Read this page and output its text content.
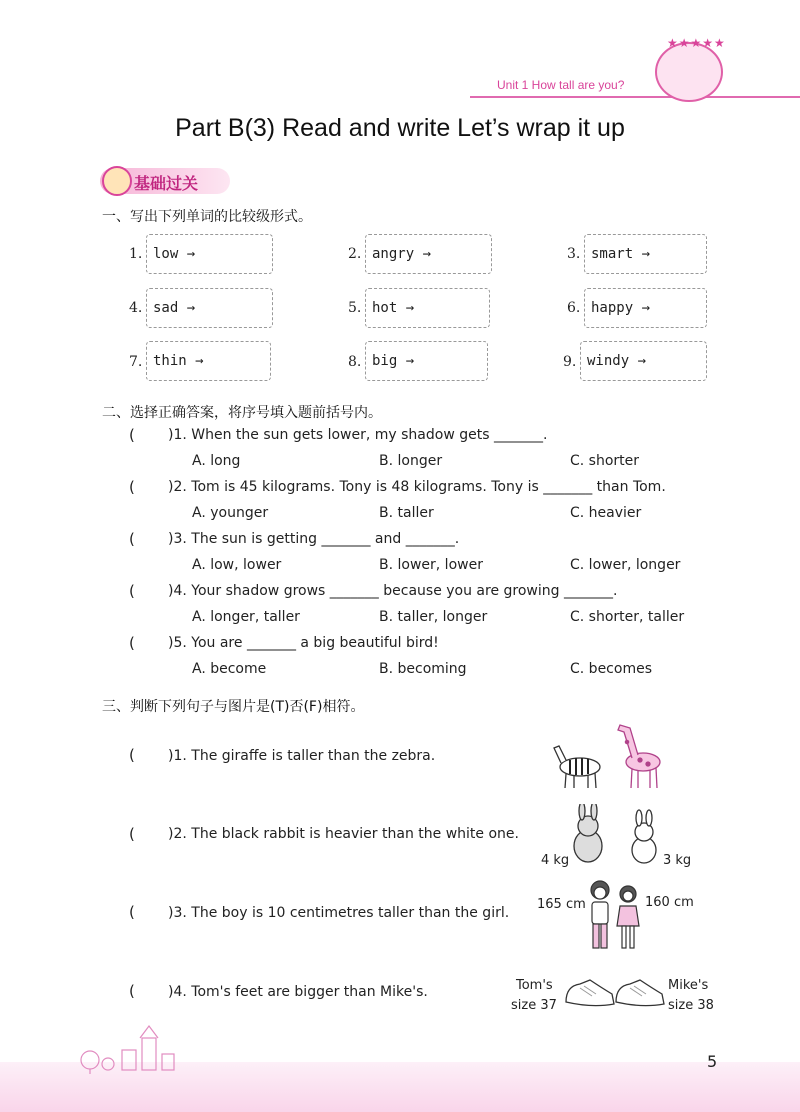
Unit 1 How tall are you?
★★★★★
Part B(3) Read and write Let’s wrap it up
基础过关
一、写出下列单词的比较级形式。
1. low →	2. angry →	3. smart →
4. sad →	5. hot →	6. happy →
7. thin →	8. big →	9. windy →
二、选择正确答案，将序号填入题前括号内。
( )1. When the sun gets lower, my shadow gets _______.
A. long	B. longer	C. shorter
( )2. Tom is 45 kilograms. Tony is 48 kilograms. Tony is _______ than Tom.
A. younger	B. taller	C. heavier
( )3. The sun is getting _______ and _______.
A. low, lower	B. lower, lower	C. lower, longer
( )4. Your shadow grows _______ because you are growing _______.
A. longer, taller	B. taller, longer	C. shorter, taller
( )5. You are _______ a big beautiful bird!
A. become	B. becoming	C. becomes
三、判断下列句子与图片是(T)否(F)相符。
( )1. The giraffe is taller than the zebra.
( )2. The black rabbit is heavier than the white one.
4 kg	3 kg
( )3. The boy is 10 centimetres taller than the girl.
165 cm	160 cm
( )4. Tom's feet are bigger than Mike's.	Tom's
size 37
Mike's
size 38
5
